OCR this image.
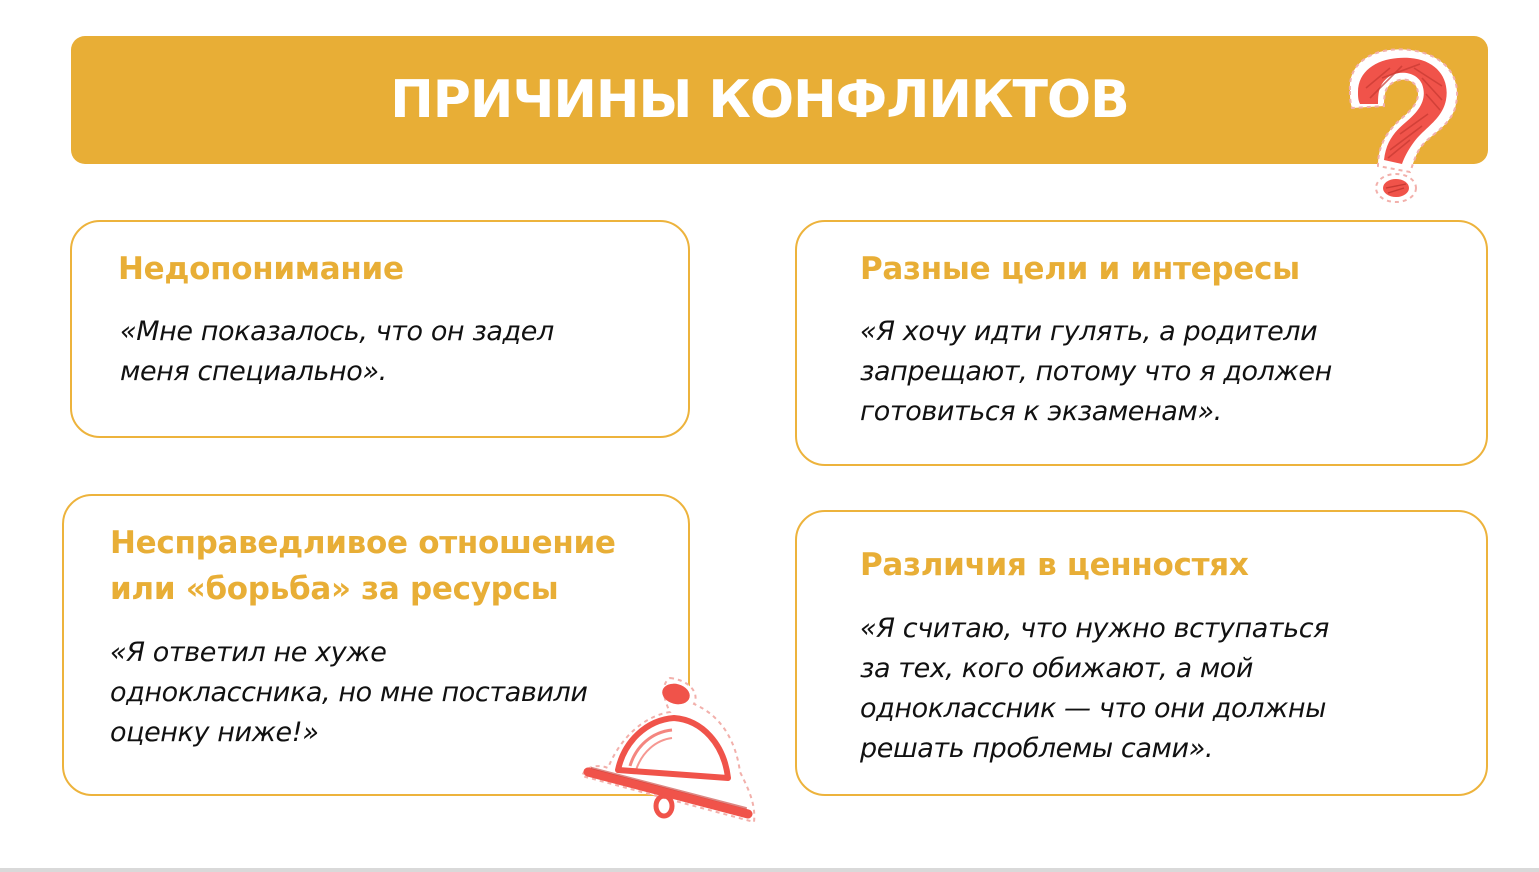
ПРИЧИНЫ КОНФЛИКТОВ
Недопонимание
«Мне показалось, что он задел
меня специально».
Разные цели и интересы
«Я хочу идти гулять, а родители
запрещают, потому что я должен
готовиться к экзаменам».
Несправедливое отношение
или «борьба» за ресурсы
«Я ответил не хуже
одноклассника, но мне поставили
оценку ниже!»
Различия в ценностях
«Я считаю, что нужно вступаться
за тех, кого обижают, а мой
одноклассник — что они должны
решать проблемы сами».
